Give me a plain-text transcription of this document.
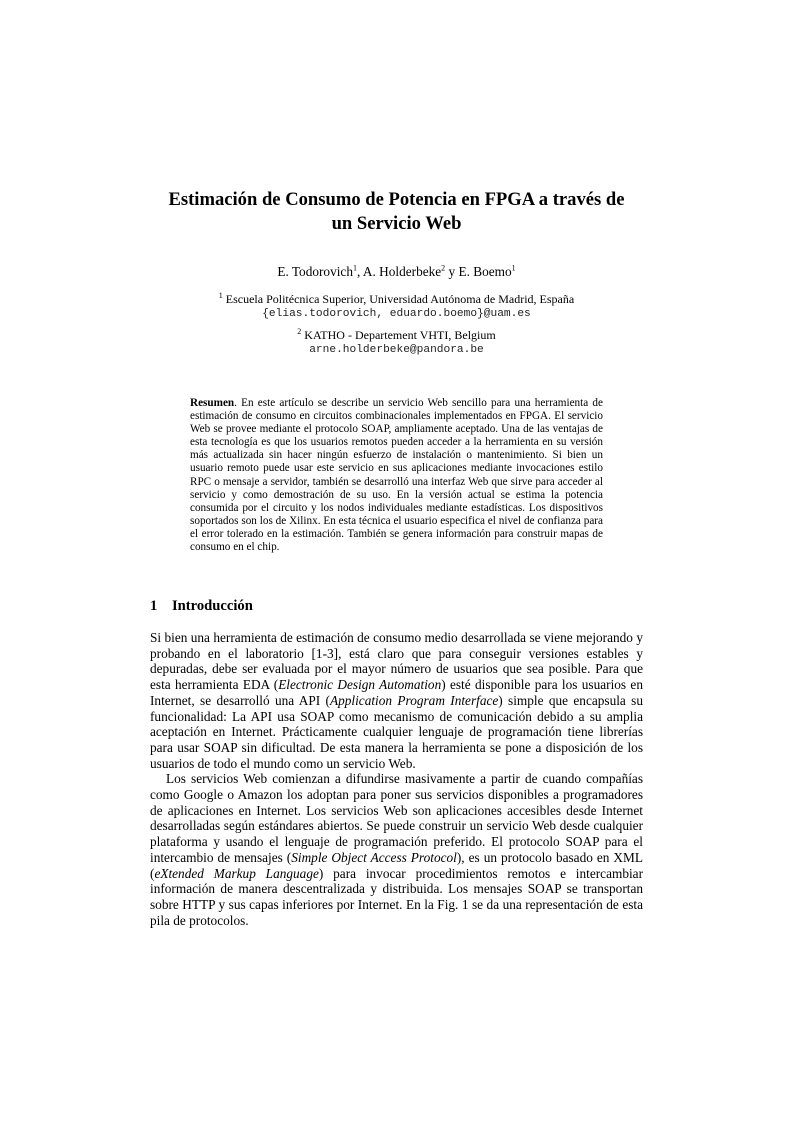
Estimación de Consumo de Potencia en FPGA a través de
un Servicio Web
E. Todorovich$^1$, A. Holderbeke$^2$ y E. Boemo$^1$
$^1$ Escuela Politécnica Superior, Universidad Autónoma de Madrid, España
{elias.todorovich, eduardo.boemo}@uam.es
$^2$ KATHO - Departement VHTI, Belgium
arne.holderbeke@pandora.be
Resumen. En este artículo se describe un servicio Web sencillo para una herramienta de estimación de consumo en circuitos combinacionales implementados en FPGA. El servicio Web se provee mediante el protocolo SOAP, ampliamente aceptado. Una de las ventajas de esta tecnología es que los usuarios remotos pueden acceder a la herramienta en su versión más actualizada sin hacer ningún esfuerzo de instalación o mantenimiento. Si bien un usuario remoto puede usar este servicio en sus aplicaciones mediante invocaciones estilo RPC o mensaje a servidor, también se desarrolló una interfaz Web que sirve para acceder al servicio y como demostración de su uso. En la versión actual se estima la potencia consumida por el circuito y los nodos individuales mediante estadísticas. Los dispositivos soportados son los de Xilinx. En esta técnica el usuario especifica el nivel de confianza para el error tolerado en la estimación. También se genera información para construir mapas de consumo en el chip.
1 Introducción

Si bien una herramienta de estimación de consumo medio desarrollada se viene mejorando y probando en el laboratorio [1-3], está claro que para conseguir versiones estables y depuradas, debe ser evaluada por el mayor número de usuarios que sea posible. Para que esta herramienta EDA (Electronic Design Automation) esté disponible para los usuarios en Internet, se desarrolló una API (Application Program Interface) simple que encapsula su funcionalidad: La API usa SOAP como mecanismo de comunicación debido a su amplia aceptación en Internet. Prácticamente cualquier lenguaje de programación tiene librerías para usar SOAP sin dificultad. De esta manera la herramienta se pone a disposición de los usuarios de todo el mundo como un servicio Web.

Los servicios Web comienzan a difundirse masivamente a partir de cuando compañías como Google o Amazon los adoptan para poner sus servicios disponibles a programadores de aplicaciones en Internet. Los servicios Web son aplicaciones accesibles desde Internet desarrolladas según estándares abiertos. Se puede construir un servicio Web desde cualquier plataforma y usando el lenguaje de programación preferido. El protocolo SOAP para el intercambio de mensajes (Simple Object Access Protocol), es un protocolo basado en XML (eXtended Markup Language) para invocar procedimientos remotos e intercambiar información de manera descentralizada y distribuida. Los mensajes SOAP se transportan sobre HTTP y sus capas inferiores por Internet. En la Fig. 1 se da una representación de esta pila de protocolos.
